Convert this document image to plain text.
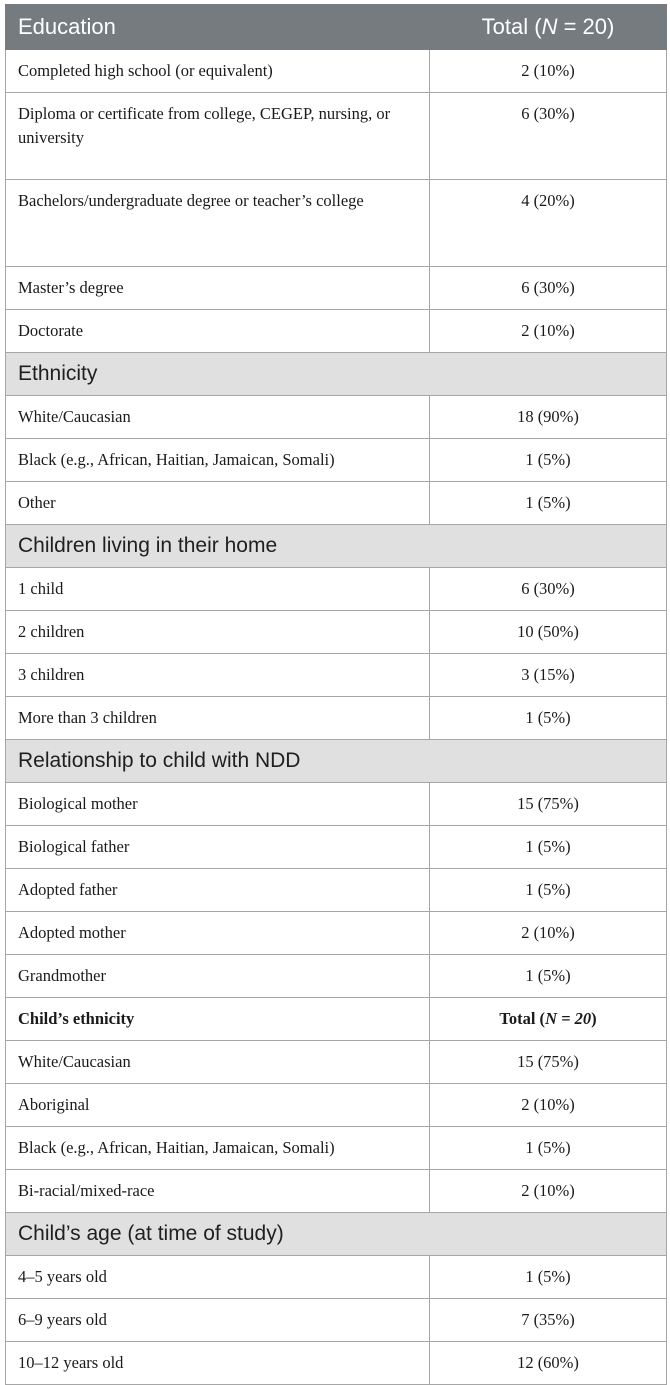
Education	Total (N = 20)
Completed high school (or equivalent)	2 (10%)
Diploma or certificate from college, CEGEP, nursing, or university	6 (30%)
Bachelors/undergraduate degree or teacher’s college	4 (20%)
Master’s degree	6 (30%)
Doctorate	2 (10%)
Ethnicity	
White/Caucasian	18 (90%)
Black (e.g., African, Haitian, Jamaican, Somali)	1 (5%)
Other	1 (5%)
Children living in their home	
1 child	6 (30%)
2 children	10 (50%)
3 children	3 (15%)
More than 3 children	1 (5%)
Relationship to child with NDD	
Biological mother	15 (75%)
Biological father	1 (5%)
Adopted father	1 (5%)
Adopted mother	2 (10%)
Grandmother	1 (5%)
Child’s ethnicity	Total (N = 20)
White/Caucasian	15 (75%)
Aboriginal	2 (10%)
Black (e.g., African, Haitian, Jamaican, Somali)	1 (5%)
Bi-racial/mixed-race	2 (10%)
Child’s age (at time of study)	
4–5 years old	1 (5%)
6–9 years old	7 (35%)
10–12 years old	12 (60%)
